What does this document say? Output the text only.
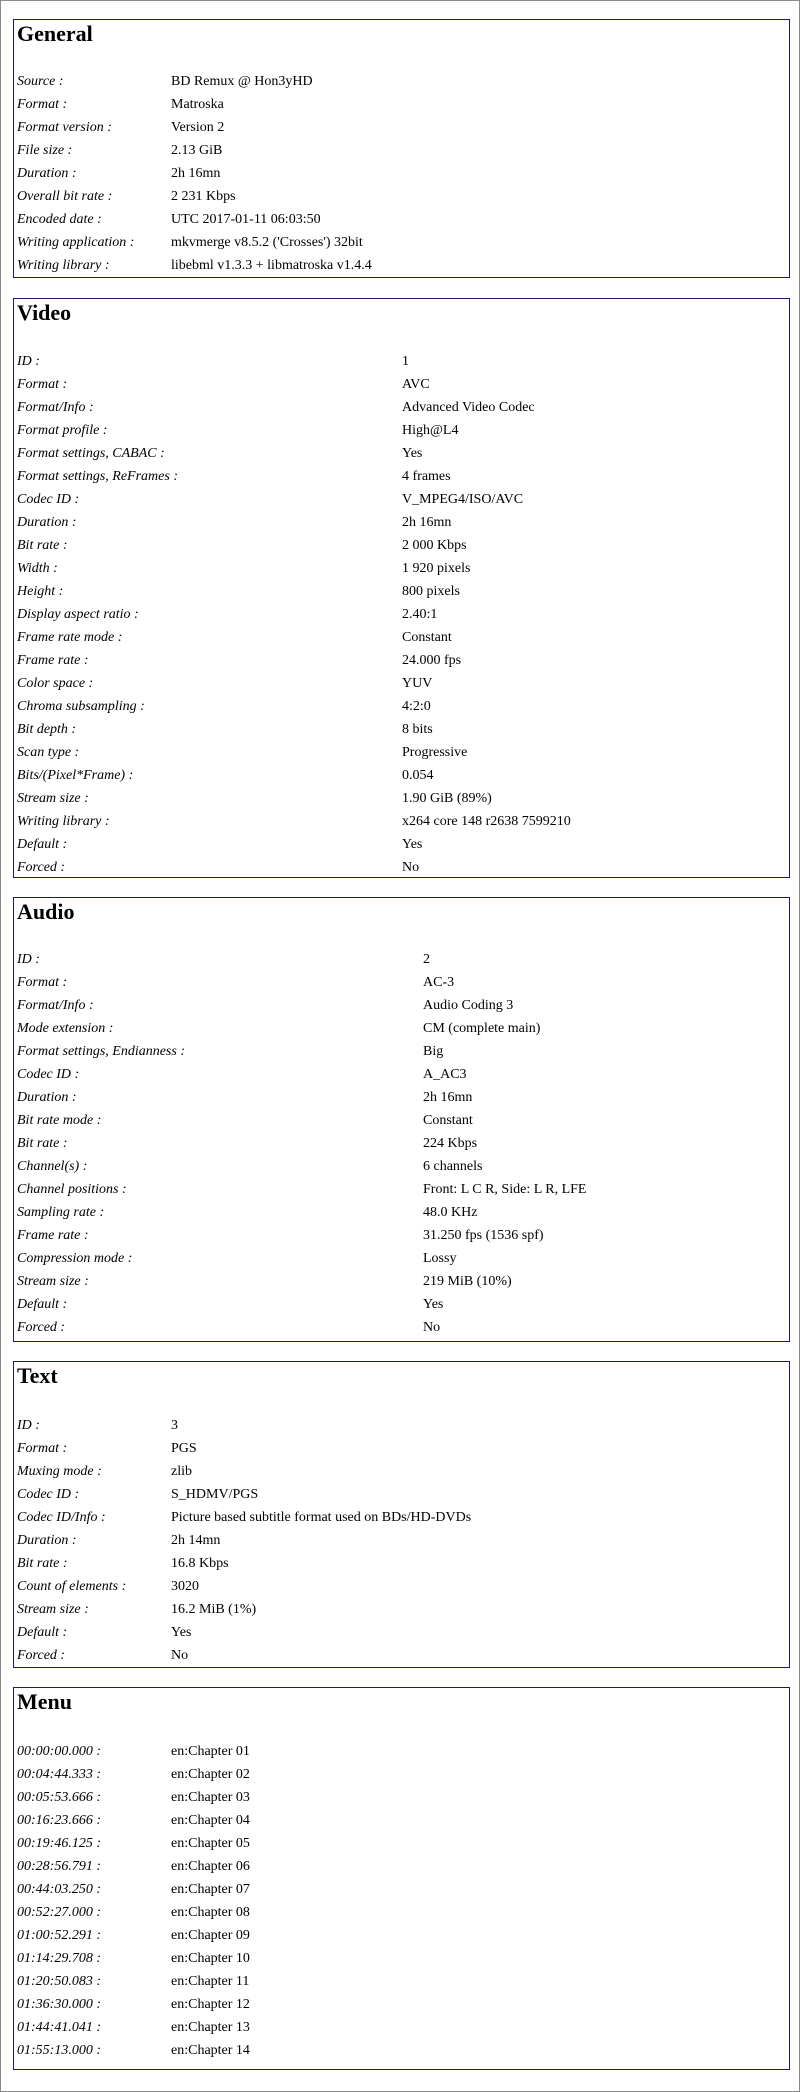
General
Source :	BD Remux @ Hon3yHD
Format :	Matroska
Format version :	Version 2
File size :	2.13 GiB
Duration :	2h 16mn
Overall bit rate :	2 231 Kbps
Encoded date :	UTC 2017-01-11 06:03:50
Writing application :	mkvmerge v8.5.2 ('Crosses') 32bit
Writing library :	libebml v1.3.3 + libmatroska v1.4.4
Video
ID :	1
Format :	AVC
Format/Info :	Advanced Video Codec
Format profile :	High@L4
Format settings, CABAC :	Yes
Format settings, ReFrames :	4 frames
Codec ID :	V_MPEG4/ISO/AVC
Duration :	2h 16mn
Bit rate :	2 000 Kbps
Width :	1 920 pixels
Height :	800 pixels
Display aspect ratio :	2.40:1
Frame rate mode :	Constant
Frame rate :	24.000 fps
Color space :	YUV
Chroma subsampling :	4:2:0
Bit depth :	8 bits
Scan type :	Progressive
Bits/(Pixel*Frame) :	0.054
Stream size :	1.90 GiB (89%)
Writing library :	x264 core 148 r2638 7599210
Default :	Yes
Forced :	No
Audio
ID :	2
Format :	AC-3
Format/Info :	Audio Coding 3
Mode extension :	CM (complete main)
Format settings, Endianness :	Big
Codec ID :	A_AC3
Duration :	2h 16mn
Bit rate mode :	Constant
Bit rate :	224 Kbps
Channel(s) :	6 channels
Channel positions :	Front: L C R, Side: L R, LFE
Sampling rate :	48.0 KHz
Frame rate :	31.250 fps (1536 spf)
Compression mode :	Lossy
Stream size :	219 MiB (10%)
Default :	Yes
Forced :	No
Text
ID :	3
Format :	PGS
Muxing mode :	zlib
Codec ID :	S_HDMV/PGS
Codec ID/Info :	Picture based subtitle format used on BDs/HD-DVDs
Duration :	2h 14mn
Bit rate :	16.8 Kbps
Count of elements :	3020
Stream size :	16.2 MiB (1%)
Default :	Yes
Forced :	No
Menu
00:00:00.000 :	en:Chapter 01
00:04:44.333 :	en:Chapter 02
00:05:53.666 :	en:Chapter 03
00:16:23.666 :	en:Chapter 04
00:19:46.125 :	en:Chapter 05
00:28:56.791 :	en:Chapter 06
00:44:03.250 :	en:Chapter 07
00:52:27.000 :	en:Chapter 08
01:00:52.291 :	en:Chapter 09
01:14:29.708 :	en:Chapter 10
01:20:50.083 :	en:Chapter 11
01:36:30.000 :	en:Chapter 12
01:44:41.041 :	en:Chapter 13
01:55:13.000 :	en:Chapter 14
